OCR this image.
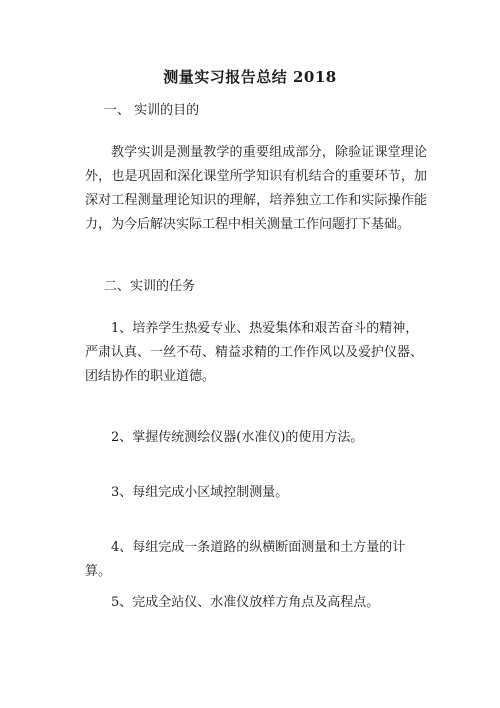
测量实习报告总结 2018
一、 实训的目的
教学实训是测量教学的重要组成部分，除验证课堂理论外，也是巩固和深化课堂所学知识有机结合的重要环节，加深对工程测量理论知识的理解，培养独立工作和实际操作能力，为今后解决实际工程中相关测量工作问题打下基础。
二、实训的任务
1、培养学生热爱专业、热爱集体和艰苦奋斗的精神，严肃认真、一丝不苟、精益求精的工作作风以及爱护仪器、团结协作的职业道德。
2、掌握传统测绘仪器(水准仪)的使用方法。
3、每组完成小区域控制测量。
4、每组完成一条道路的纵横断面测量和土方量的计算。
5、完成全站仪、水准仪放样方角点及高程点。
